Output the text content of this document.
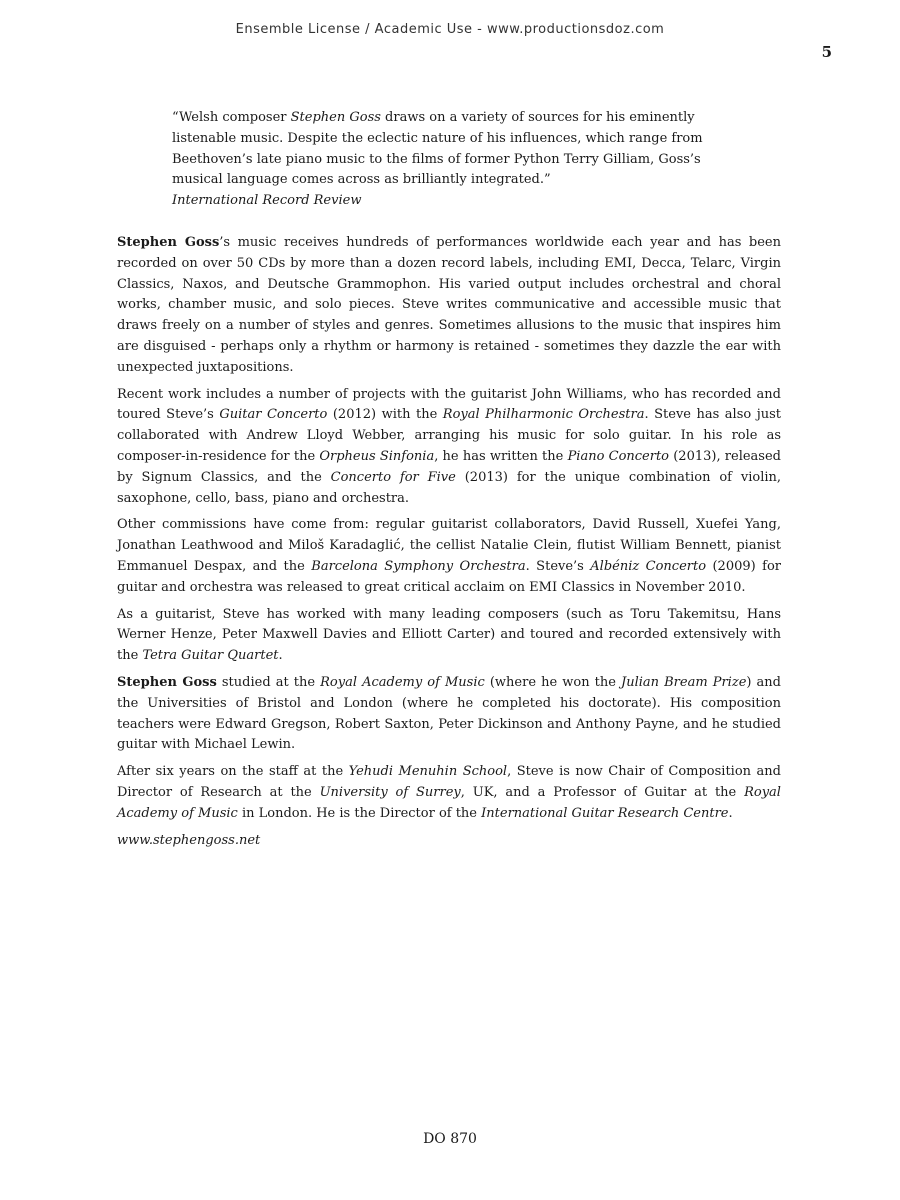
Ensemble License / Academic Use - www.productionsdoz.com
5

“Welsh composer Stephen Goss draws on a variety of sources for his eminently listenable music. Despite the eclectic nature of his influences, which range from Beethoven’s late piano music to the films of former Python Terry Gilliam, Goss’s musical language comes across as brilliantly integrated.”

International Record Review

Stephen Goss’s music receives hundreds of performances worldwide each year and has been recorded on over 50 CDs by more than a dozen record labels, including EMI, Decca, Telarc, Virgin Classics, Naxos, and Deutsche Grammophon. His varied output includes orchestral and choral works, chamber music, and solo pieces. Steve writes communicative and accessible music that draws freely on a number of styles and genres. Sometimes allusions to the music that inspires him are disguised - perhaps only a rhythm or harmony is retained - sometimes they dazzle the ear with unexpected juxtapositions.

Recent work includes a number of projects with the guitarist John Williams, who has recorded and toured Steve’s Guitar Concerto (2012) with the Royal Philharmonic Orchestra. Steve has also just collaborated with Andrew Lloyd Webber, arranging his music for solo guitar. In his role as composer-in-residence for the Orpheus Sinfonia, he has written the Piano Concerto (2013), released by Signum Classics, and the Concerto for Five (2013) for the unique combination of violin, saxophone, cello, bass, piano and orchestra.

Other commissions have come from: regular guitarist collaborators, David Russell, Xuefei Yang, Jonathan Leathwood and Miloš Karadaglić, the cellist Natalie Clein, flutist William Bennett, pianist Emmanuel Despax, and the Barcelona Symphony Orchestra. Steve’s Albéniz Concerto (2009) for guitar and orchestra was released to great critical acclaim on EMI Classics in November 2010.

As a guitarist, Steve has worked with many leading composers (such as Toru Takemitsu, Hans Werner Henze, Peter Maxwell Davies and Elliott Carter) and toured and recorded extensively with the Tetra Guitar Quartet.

Stephen Goss studied at the Royal Academy of Music (where he won the Julian Bream Prize) and the Universities of Bristol and London (where he completed his doctorate). His composition teachers were Edward Gregson, Robert Saxton, Peter Dickinson and Anthony Payne, and he studied guitar with Michael Lewin.

After six years on the staff at the Yehudi Menuhin School, Steve is now Chair of Composition and Director of Research at the University of Surrey, UK, and a Professor of Guitar at the Royal Academy of Music in London. He is the Director of the International Guitar Research Centre.

www.stephengoss.net

DO 870
